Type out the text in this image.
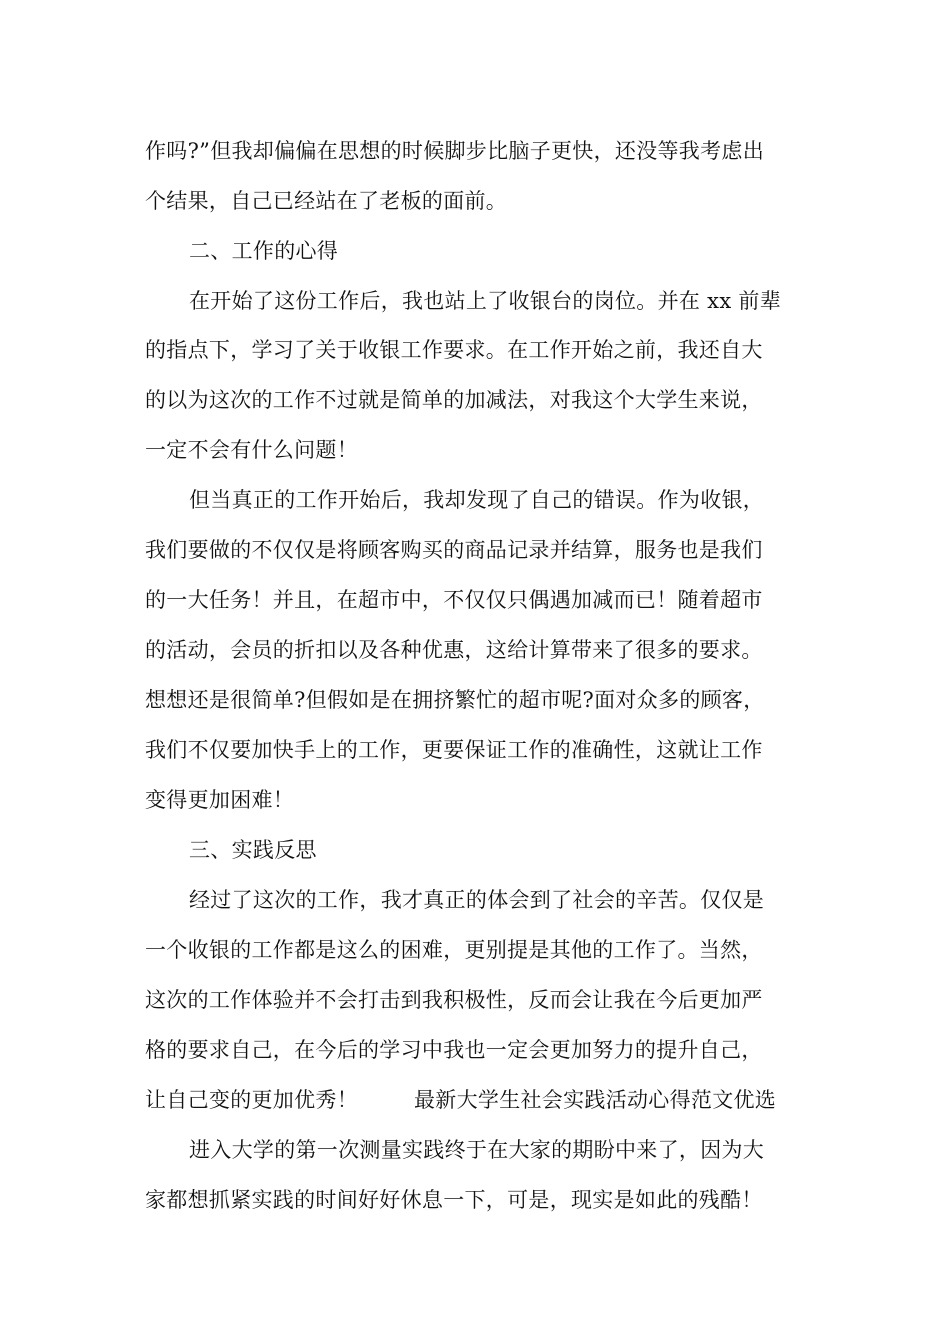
作吗?”但我却偏偏在思想的时候脚步比脑子更快，还没等我考虑出
个结果，自己已经站在了老板的面前。
二、工作的心得
在开始了这份工作后，我也站上了收银台的岗位。并在 xx 前辈
的指点下，学习了关于收银工作要求。在工作开始之前，我还自大
的以为这次的工作不过就是简单的加减法，对我这个大学生来说，
一定不会有什么问题！
但当真正的工作开始后，我却发现了自己的错误。作为收银，
我们要做的不仅仅是将顾客购买的商品记录并结算，服务也是我们
的一大任务！并且，在超市中，不仅仅只偶遇加减而已！随着超市
的活动，会员的折扣以及各种优惠，这给计算带来了很多的要求。
想想还是很简单?但假如是在拥挤繁忙的超市呢?面对众多的顾客，
我们不仅要加快手上的工作，更要保证工作的准确性，这就让工作
变得更加困难！
三、实践反思
经过了这次的工作，我才真正的体会到了社会的辛苦。仅仅是
一个收银的工作都是这么的困难，更别提是其他的工作了。当然，
这次的工作体验并不会打击到我积极性，反而会让我在今后更加严
格的要求自己，在今后的学习中我也一定会更加努力的提升自己，
让自己变的更加优秀！	最新大学生社会实践活动心得范文优选
进入大学的第一次测量实践终于在大家的期盼中来了，因为大
家都想抓紧实践的时间好好休息一下，可是，现实是如此的残酷！
